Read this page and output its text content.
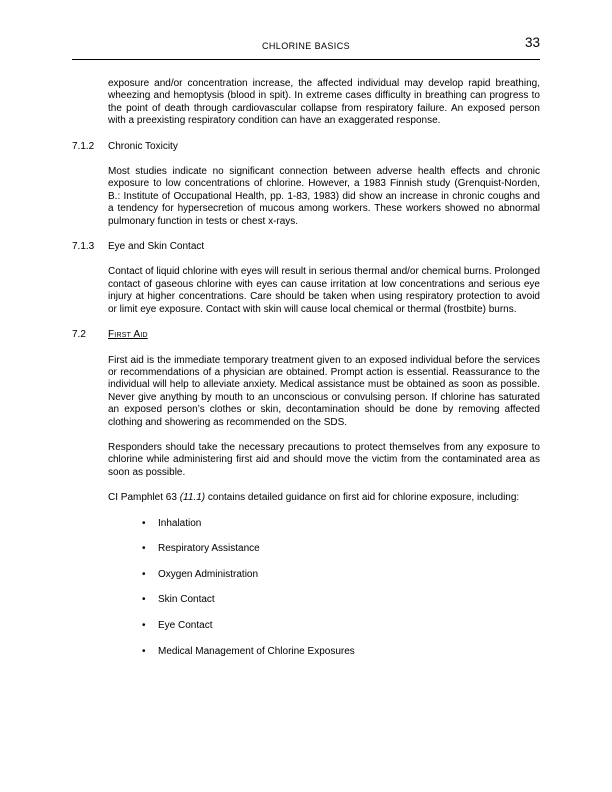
CHLORINE BASICS	33

exposure and/or concentration increase, the affected individual may develop rapid breathing, wheezing and hemoptysis (blood in spit). In extreme cases difficulty in breathing can progress to the point of death through cardiovascular collapse from respiratory failure. An exposed person with a preexisting respiratory condition can have an exaggerated response.

7.1.2 Chronic Toxicity

Most studies indicate no significant connection between adverse health effects and chronic exposure to low concentrations of chlorine. However, a 1983 Finnish study (Grenquist-Norden, B.: Institute of Occupational Health, pp. 1-83, 1983) did show an increase in chronic coughs and a tendency for hypersecretion of mucous among workers. These workers showed no abnormal pulmonary function in tests or chest x-rays.

7.1.3 Eye and Skin Contact

Contact of liquid chlorine with eyes will result in serious thermal and/or chemical burns. Prolonged contact of gaseous chlorine with eyes can cause irritation at low concentrations and serious eye injury at higher concentrations. Care should be taken when using respiratory protection to avoid or limit eye exposure. Contact with skin will cause local chemical or thermal (frostbite) burns.

7.2 First Aid

First aid is the immediate temporary treatment given to an exposed individual before the services or recommendations of a physician are obtained. Prompt action is essential. Reassurance to the individual will help to alleviate anxiety. Medical assistance must be obtained as soon as possible. Never give anything by mouth to an unconscious or convulsing person. If chlorine has saturated an exposed person’s clothes or skin, decontamination should be done by removing affected clothing and showering as recommended on the SDS.

Responders should take the necessary precautions to protect themselves from any exposure to chlorine while administering first aid and should move the victim from the contaminated area as soon as possible.

CI Pamphlet 63 (11.1) contains detailed guidance on first aid for chlorine exposure, including:

• Inhalation
• Respiratory Assistance
• Oxygen Administration
• Skin Contact
• Eye Contact
• Medical Management of Chlorine Exposures
